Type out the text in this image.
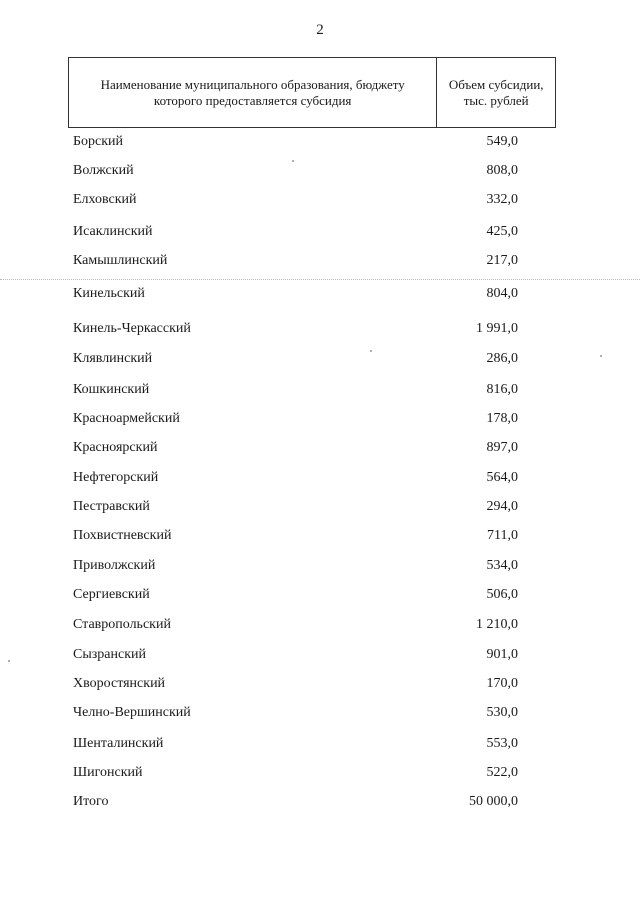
2
Наименование муниципального образования, бюджету которого предоставляется субсидия	Объем субсидии, тыс. рублей
Борский	549,0
Волжский	808,0
Елховский	332,0
Исаклинский	425,0
Камышлинский	217,0
Кинельский	804,0
Кинель-Черкасский	1 991,0
Клявлинский	286,0
Кошкинский	816,0
Красноармейский	178,0
Красноярский	897,0
Нефтегорский	564,0
Пестравский	294,0
Похвистневский	711,0
Приволжский	534,0
Сергиевский	506,0
Ставропольский	1 210,0
Сызранский	901,0
Хворостянский	170,0
Челно-Вершинский	530,0
Шенталинский	553,0
Шигонский	522,0
Итого	50 000,0
